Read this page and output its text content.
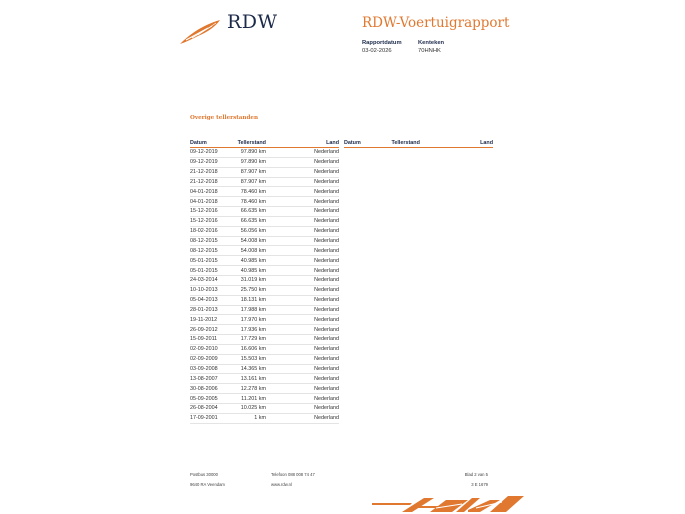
RDW	RDW-Voertuigrapport
Rapportdatum
03-02-2026
Kenteken
70HNHK
Overige tellerstanden
Datum	Tellerstand	Land
09-12-2019	97.890 km	Nederland
09-12-2019	97.890 km	Nederland
21-12-2018	87.907 km	Nederland
21-12-2018	87.907 km	Nederland
04-01-2018	78.460 km	Nederland
04-01-2018	78.460 km	Nederland
15-12-2016	66.635 km	Nederland
15-12-2016	66.635 km	Nederland
18-02-2016	56.056 km	Nederland
08-12-2015	54.008 km	Nederland
08-12-2015	54.008 km	Nederland
05-01-2015	40.985 km	Nederland
05-01-2015	40.985 km	Nederland
24-03-2014	31.019 km	Nederland
10-10-2013	25.750 km	Nederland
05-04-2013	18.131 km	Nederland
28-01-2013	17.988 km	Nederland
19-11-2012	17.970 km	Nederland
26-09-2012	17.936 km	Nederland
15-09-2011	17.729 km	Nederland
02-09-2010	16.606 km	Nederland
02-09-2009	15.503 km	Nederland
03-09-2008	14.365 km	Nederland
13-08-2007	13.161 km	Nederland
30-08-2006	12.278 km	Nederland
05-09-2005	11.201 km	Nederland
26-08-2004	10.025 km	Nederland
17-09-2001	1 km	Nederland
Datum	Tellerstand	Land
Postbus 30000
9640 RA Veendam
Telefoon 088 008 74 47
www.rdw.nl
Blad 2 van 5
3 E 1679
